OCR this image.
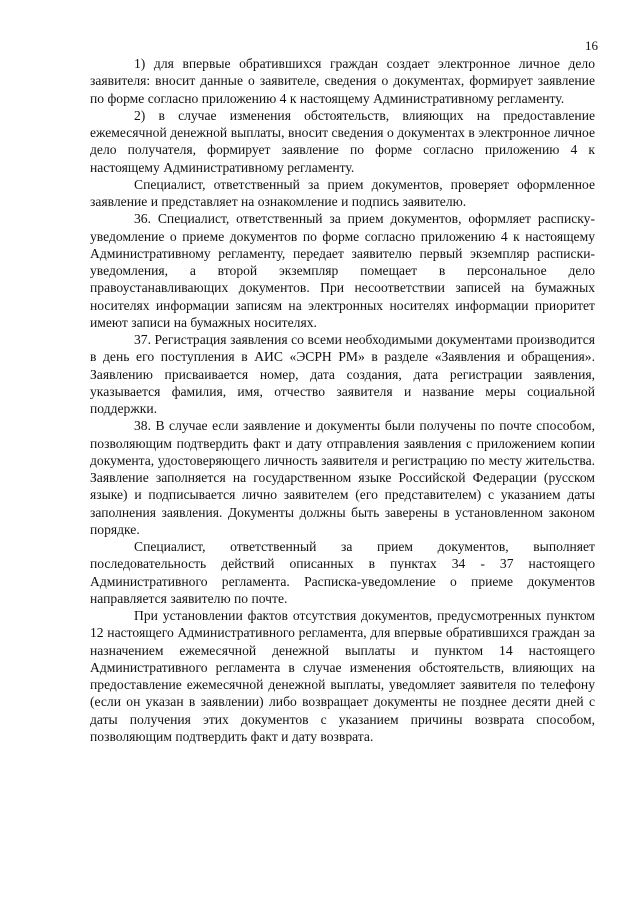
16

1) для впервые обратившихся граждан создает электронное личное дело заявителя: вносит данные о заявителе, сведения о документах, формирует заявление по форме согласно приложению 4 к настоящему Административному регламенту.

2) в случае изменения обстоятельств, влияющих на предоставление ежемесячной денежной выплаты, вносит сведения о документах в электронное личное дело получателя, формирует заявление по форме согласно приложению 4 к настоящему Административному регламенту.

Специалист, ответственный за прием документов, проверяет оформленное заявление и представляет на ознакомление и подпись заявителю.

36. Специалист, ответственный за прием документов, оформляет расписку-уведомление о приеме документов по форме согласно приложению 4 к настоящему Административному регламенту, передает заявителю первый экземпляр расписки-уведомления, а второй экземпляр помещает в персональное дело правоустанавливающих документов. При несоответствии записей на бумажных носителях информации записям на электронных носителях информации приоритет имеют записи на бумажных носителях.

37. Регистрация заявления со всеми необходимыми документами производится в день его поступления в АИС «ЭСРН РМ» в разделе «Заявления и обращения». Заявлению присваивается номер, дата создания, дата регистрации заявления, указывается фамилия, имя, отчество заявителя и название меры социальной поддержки.

38. В случае если заявление и документы были получены по почте способом, позволяющим подтвердить факт и дату отправления заявления с приложением копии документа, удостоверяющего личность заявителя и регистрацию по месту жительства. Заявление заполняется на государственном языке Российской Федерации (русском языке) и подписывается лично заявителем (его представителем) с указанием даты заполнения заявления. Документы должны быть заверены в установленном законом порядке.

Специалист, ответственный за прием документов, выполняет последовательность действий описанных в пунктах 34 - 37 настоящего Административного регламента. Расписка-уведомление о приеме документов направляется заявителю по почте.

При установлении фактов отсутствия документов, предусмотренных пунктом 12 настоящего Административного регламента, для впервые обратившихся граждан за назначением ежемесячной денежной выплаты и пунктом 14 настоящего Административного регламента в случае изменения обстоятельств, влияющих на предоставление ежемесячной денежной выплаты, уведомляет заявителя по телефону (если он указан в заявлении) либо возвращает документы не позднее десяти дней с даты получения этих документов с указанием причины возврата способом, позволяющим подтвердить факт и дату возврата.
